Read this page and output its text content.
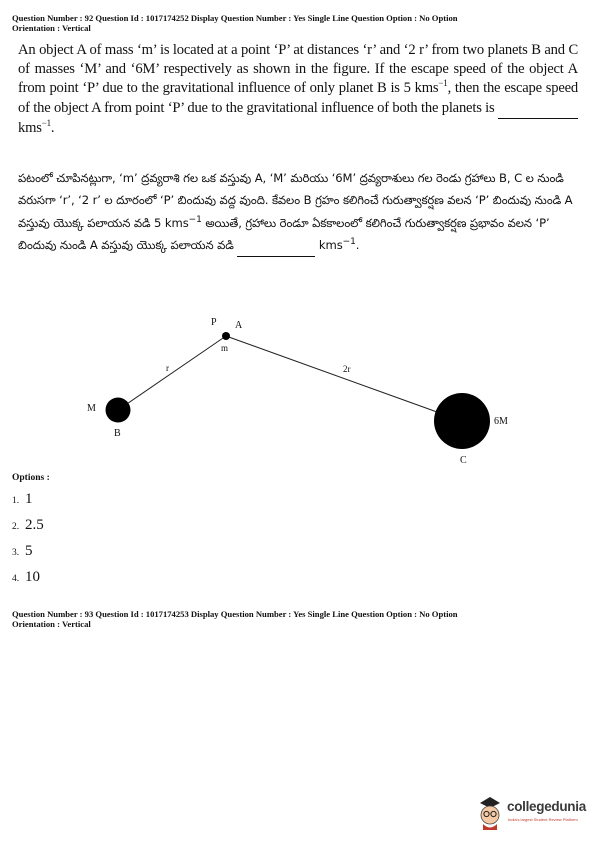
Question Number : 92 Question Id : 1017174252 Display Question Number : Yes Single Line Question Option : No Option
Orientation : Vertical

An object A of mass ‘m’ is located at a point ‘P’ at distances ‘r’ and ‘2 r’ from two planets B and C of masses ‘M’ and ‘6M’ respectively as shown in the figure. If the escape speed of the object A from point ‘P’ due to the gravitational influence of only planet B is 5 kms$^{-1}$, then the escape speed of the object A from point ‘P’ due to the gravitational influence of both the planets is   kms$^{-1}$.

పటంలో చూపినట్లుగా, ‘m’ ద్రవ్యరాశి గల ఒక వస్తువు A, ‘M’ మరియు ‘6M’ ద్రవ్యరాశులు గల రెండు గ్రహాలు B, C ల నుండి వరుసగా ‘r’, ‘2 r’ ల దూరంలో ‘P’ బిందువు వద్ద వుంది. కేవలం B గ్రహం కలిగించే గురుత్వాకర్షణ వలన ‘P’ బిందువు నుండి A వస్తువు యొక్క పలాయన వడి 5 kms$^{-1}$ అయితే, గ్రహాలు రెండూ ఏకకాలంలో కలిగించే గురుత్వాకర్షణ ప్రభావం వలన ‘P’ బిందువు నుండి A వస్తువు యొక్క పలాయన వడి	kms$^{-1}$.

P A
m
r	2r
M
B
6M
C
Options :
1. 1
2. 2.5
3. 5
4. 10
Question Number : 93 Question Id : 1017174253 Display Question Number : Yes Single Line Question Option : No Option
Orientation : Vertical
collegedunia
India's largest Student Review Platform
